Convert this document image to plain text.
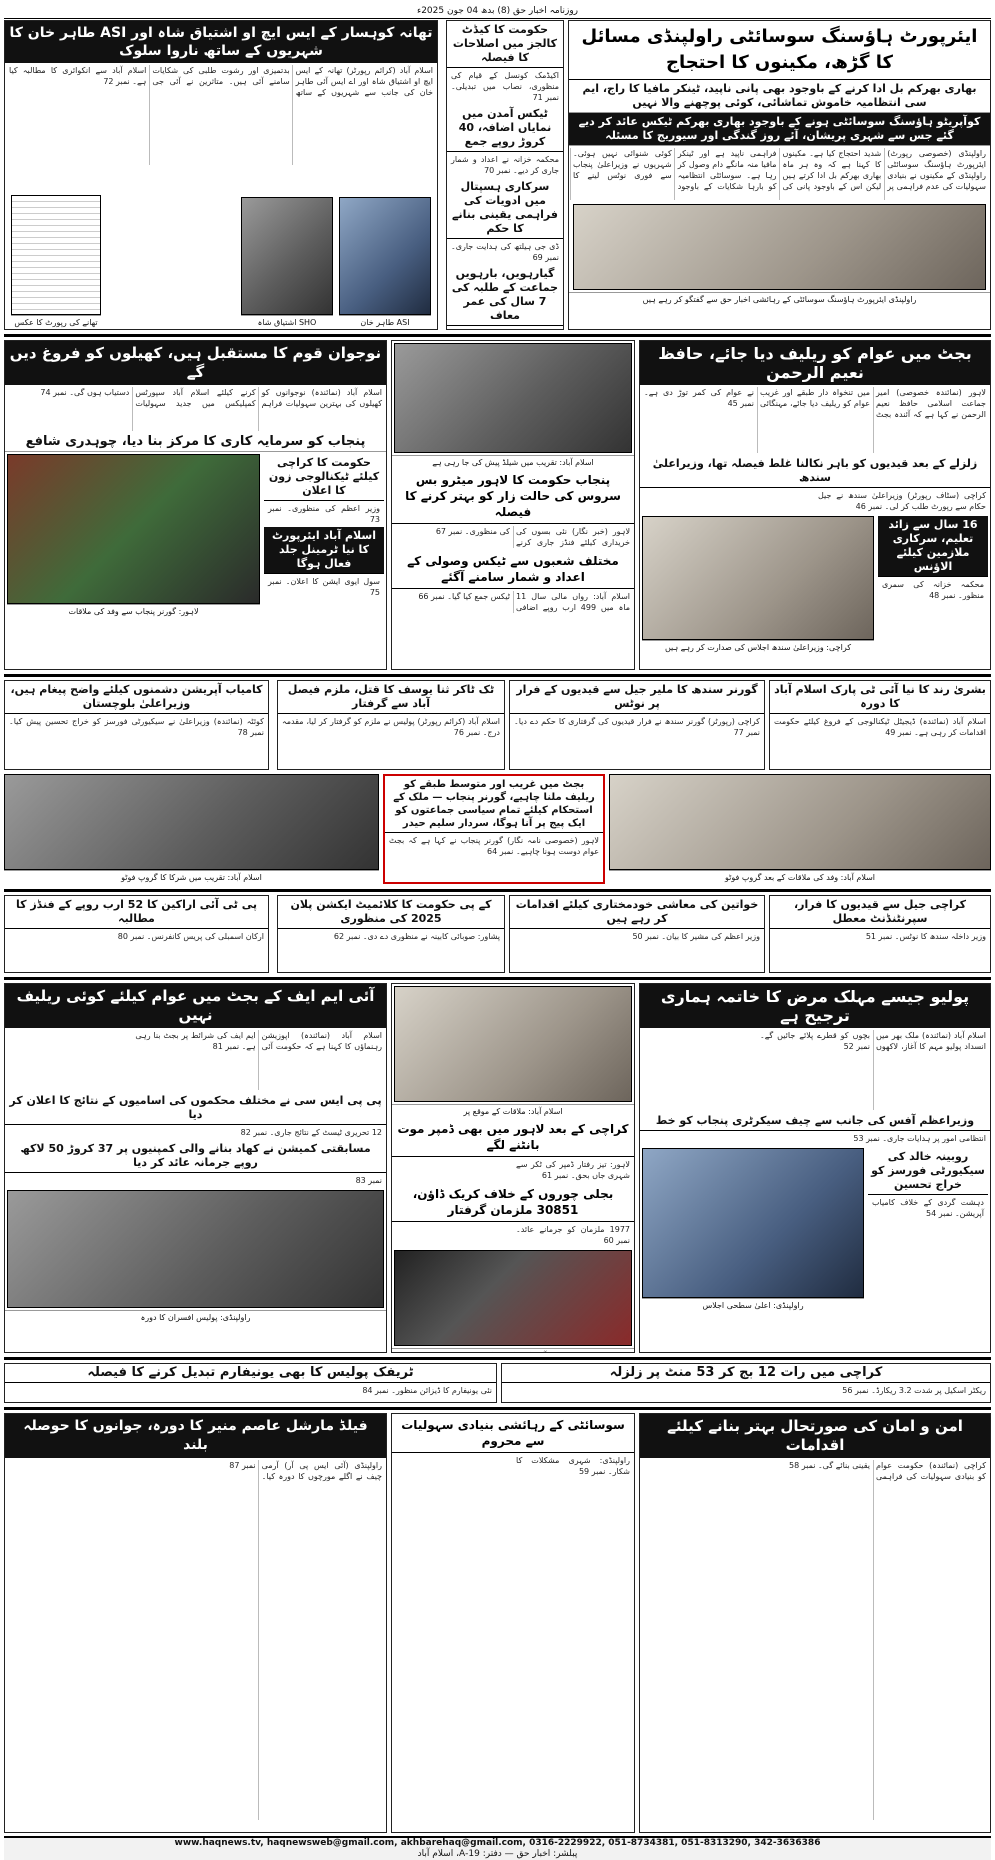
روزنامہ اخبار حق (8) بدھ 04 جون 2025ء
ایئرپورٹ ہاؤسنگ سوسائٹی راولپنڈی مسائل کا گڑھ، مکینوں کا احتجاج
بھاری بھرکم بل ادا کرنے کے باوجود بھی پانی ناپید، ٹینکر مافیا کا راج، ایم سی انتظامیہ خاموش تماشائی، کوئی پوچھنے والا نہیں
کوآپریٹو ہاؤسنگ سوسائٹی ہونے کے باوجود بھاری بھرکم ٹیکس عائد کر دیے گئے جس سے شہری پریشان، آئے روز گندگی اور سیوریج کا مسئلہ
راولپنڈی (خصوصی رپورٹ) ایئرپورٹ ہاؤسنگ سوسائٹی راولپنڈی کے مکینوں نے بنیادی سہولیات کی عدم فراہمی پر شدید احتجاج کیا ہے۔ مکینوں کا کہنا ہے کہ وہ ہر ماہ بھاری بھرکم بل ادا کرتے ہیں لیکن اس کے باوجود پانی کی فراہمی ناپید ہے اور ٹینکر مافیا منہ مانگے دام وصول کر رہا ہے۔ سوسائٹی انتظامیہ کو بارہا شکایات کے باوجود کوئی شنوائی نہیں ہوئی۔ شہریوں نے وزیراعلیٰ پنجاب سے فوری نوٹس لینے کا
راولپنڈی ایئرپورٹ ہاؤسنگ سوسائٹی کے رہائشی اخبار حق سے گفتگو کر رہے ہیں
حکومت کا کیڈٹ کالجز میں اصلاحات کا فیصلہ
اکیڈمک کونسل کے قیام کی منظوری، نصاب میں تبدیلی۔ نمبر 71
ٹیکس آمدن میں نمایاں اضافہ، 40 کروڑ روپے جمع
محکمہ خزانہ نے اعداد و شمار جاری کر دیے۔ نمبر 70
سرکاری ہسپتال میں ادویات کی فراہمی یقینی بنانے کا حکم
ڈی جی ہیلتھ کی ہدایت جاری۔ نمبر 69
گیارہویں، بارہویں جماعت کے طلبہ کی 7 سال کی عمر معاف
تھانہ کوہسار کے ایس ایچ او اشتیاق شاہ اور ASI طاہر خان کا شہریوں کے ساتھ ناروا سلوک
اسلام آباد (کرائم رپورٹر) تھانہ کے ایس ایچ او اشتیاق شاہ اور اے ایس آئی طاہر خان کی جانب سے شہریوں کے ساتھ بدتمیزی اور رشوت طلبی کی شکایات سامنے آئی ہیں۔ متاثرین نے آئی جی اسلام آباد سے انکوائری کا مطالبہ کیا ہے۔ نمبر 72
ASI طاہر خان
SHO اشتیاق شاہ
تھانے کی رپورٹ کا عکس
بجٹ میں عوام کو ریلیف دیا جائے، حافظ نعیم الرحمن
لاہور (نمائندہ خصوصی) امیر جماعت اسلامی حافظ نعیم الرحمن نے کہا ہے کہ آئندہ بجٹ میں تنخواہ دار طبقے اور غریب عوام کو ریلیف دیا جائے، مہنگائی نے عوام کی کمر توڑ دی ہے۔ نمبر 45
زلزلے کے بعد قیدیوں کو باہر نکالنا غلط فیصلہ تھا، وزیراعلیٰ سندھ
کراچی (سٹاف رپورٹر) وزیراعلیٰ سندھ نے جیل حکام سے رپورٹ طلب کر لی۔ نمبر 46
16 سال سے زائد تعلیم، سرکاری ملازمین کیلئے الاؤنس
محکمہ خزانہ کی سمری منظور۔ نمبر 48
کراچی: وزیراعلیٰ سندھ اجلاس کی صدارت کر رہے ہیں
اسلام آباد: تقریب میں شیلڈ پیش کی جا رہی ہے
پنجاب حکومت کا لاہور میٹرو بس سروس کی حالت زار کو بہتر کرنے کا فیصلہ
لاہور (خبر نگار) نئی بسوں کی خریداری کیلئے فنڈز جاری کرنے کی منظوری۔ نمبر 67
مختلف شعبوں سے ٹیکس وصولی کے اعداد و شمار سامنے آگئے
اسلام آباد: رواں مالی سال 11 ماہ میں 499 ارب روپے اضافی ٹیکس جمع کیا گیا۔ نمبر 66
نوجوان قوم کا مستقبل ہیں، کھیلوں کو فروغ دیں گے
اسلام آباد (نمائندہ) نوجوانوں کو کھیلوں کی بہترین سہولیات فراہم کرنے کیلئے اسلام آباد سپورٹس کمپلیکس میں جدید سہولیات دستیاب ہوں گی۔ نمبر 74
پنجاب کو سرمایہ کاری کا مرکز بنا دیا، چوہدری شافع
حکومت کا کراچی کیلئے ٹیکنالوجی زون کا اعلان
وزیر اعظم کی منظوری۔ نمبر 73
اسلام آباد ایئرپورٹ کا نیا ٹرمینل جلد فعال ہوگا
سول ایوی ایشن کا اعلان۔ نمبر 75
لاہور: گورنر پنجاب سے وفد کی ملاقات
بشریٰ رند کا نیا آئی ٹی پارک اسلام آباد کا دورہ
اسلام آباد (نمائندہ) ڈیجیٹل ٹیکنالوجی کے فروغ کیلئے حکومت اقدامات کر رہی ہے۔ نمبر 49
گورنر سندھ کا ملیر جیل سے قیدیوں کے فرار پر نوٹس
کراچی (رپورٹر) گورنر سندھ نے فرار قیدیوں کی گرفتاری کا حکم دے دیا۔ نمبر 77
ٹک ٹاکر ثنا یوسف کا قتل، ملزم فیصل آباد سے گرفتار
اسلام آباد (کرائم رپورٹر) پولیس نے ملزم کو گرفتار کر لیا، مقدمہ درج۔ نمبر 76
کامیاب آپریشن دشمنوں کیلئے واضح پیغام ہیں، وزیراعلیٰ بلوچستان
کوئٹہ (نمائندہ) وزیراعلیٰ نے سیکیورٹی فورسز کو خراج تحسین پیش کیا۔ نمبر 78
اسلام آباد: وفد کی ملاقات کے بعد گروپ فوٹو
بجٹ میں غریب اور متوسط طبقے کو ریلیف ملنا چاہیے، گورنر پنجاب — ملک کے استحکام کیلئے تمام سیاسی جماعتوں کو ایک پیج پر آنا ہوگا، سردار سلیم حیدر
لاہور (خصوصی نامہ نگار) گورنر پنجاب نے کہا ہے کہ بجٹ عوام دوست ہونا چاہیے۔ نمبر 64
اسلام آباد: تقریب میں شرکا کا گروپ فوٹو
کراچی جیل سے قیدیوں کا فرار، سپرنٹنڈنٹ معطل
وزیر داخلہ سندھ کا نوٹس۔ نمبر 51
خواتین کی معاشی خودمختاری کیلئے اقدامات کر رہے ہیں
وزیر اعظم کی مشیر کا بیان۔ نمبر 50
کے پی حکومت کا کلائمیٹ ایکشن پلان 2025 کی منظوری
پشاور: صوبائی کابینہ نے منظوری دے دی۔ نمبر 62
پی ٹی آئی اراکین کا 52 ارب روپے کے فنڈز کا مطالبہ
ارکان اسمبلی کی پریس کانفرنس۔ نمبر 80
پولیو جیسے مہلک مرض کا خاتمہ ہماری ترجیح ہے
اسلام آباد (نمائندہ) ملک بھر میں انسداد پولیو مہم کا آغاز، لاکھوں بچوں کو قطرے پلائے جائیں گے۔ نمبر 52
وزیراعظم آفس کی جانب سے چیف سیکرٹری پنجاب کو خط
انتظامی امور پر ہدایات جاری۔ نمبر 53
روبینہ خالد کی سیکیورٹی فورسز کو خراج تحسین
دہشت گردی کے خلاف کامیاب آپریشن۔ نمبر 54
راولپنڈی: اعلیٰ سطحی اجلاس
اسلام آباد: ملاقات کے موقع پر
کراچی کے بعد لاہور میں بھی ڈمپر موت بانٹنے لگے
لاہور: تیز رفتار ڈمپر کی ٹکر سے شہری جاں بحق۔ نمبر 61
بجلی چوروں کے خلاف کریک ڈاؤن، 30851 ملزمان گرفتار
1977 ملزمان کو جرمانے عائد۔ نمبر 60
آئی ایم ایف کے بجٹ میں عوام کیلئے کوئی ریلیف نہیں
اسلام آباد (نمائندہ) اپوزیشن رہنماؤں کا کہنا ہے کہ حکومت آئی ایم ایف کی شرائط پر بجٹ بنا رہی ہے۔ نمبر 81
پی پی ایس سی نے مختلف محکموں کی اسامیوں کے نتائج کا اعلان کر دیا
12 تحریری ٹیسٹ کے نتائج جاری۔ نمبر 82
مسابقتی کمیشن نے کھاد بنانے والی کمپنیوں پر 37 کروڑ 50 لاکھ روپے جرمانہ عائد کر دیا
نمبر 83
راولپنڈی: پولیس افسران کا دورہ
کراچی میں رات 12 بج کر 53 منٹ پر زلزلہ
ریکٹر اسکیل پر شدت 3.2 ریکارڈ۔ نمبر 56
ٹریفک پولیس کا بھی یونیفارم تبدیل کرنے کا فیصلہ
نئی یونیفارم کا ڈیزائن منظور۔ نمبر 84
امن و امان کی صورتحال بہتر بنانے کیلئے اقدامات
کراچی (نمائندہ) حکومت عوام کو بنیادی سہولیات کی فراہمی یقینی بنائے گی۔ نمبر 58
سوسائٹی کے رہائشی بنیادی سہولیات سے محروم
راولپنڈی: شہری مشکلات کا شکار۔ نمبر 59
فیلڈ مارشل عاصم منیر کا دورہ، جوانوں کا حوصلہ بلند
راولپنڈی (آئی ایس پی آر) آرمی چیف نے اگلے مورچوں کا دورہ کیا۔ نمبر 87
www.haqnews.tv, haqnewsweb@gmail.com, akhbarehaq@gmail.com, 0316-2229922, 051-8734381, 051-8313290, 342-3636386
پبلشر: اخبار حق — دفتر: 19-A، اسلام آباد
